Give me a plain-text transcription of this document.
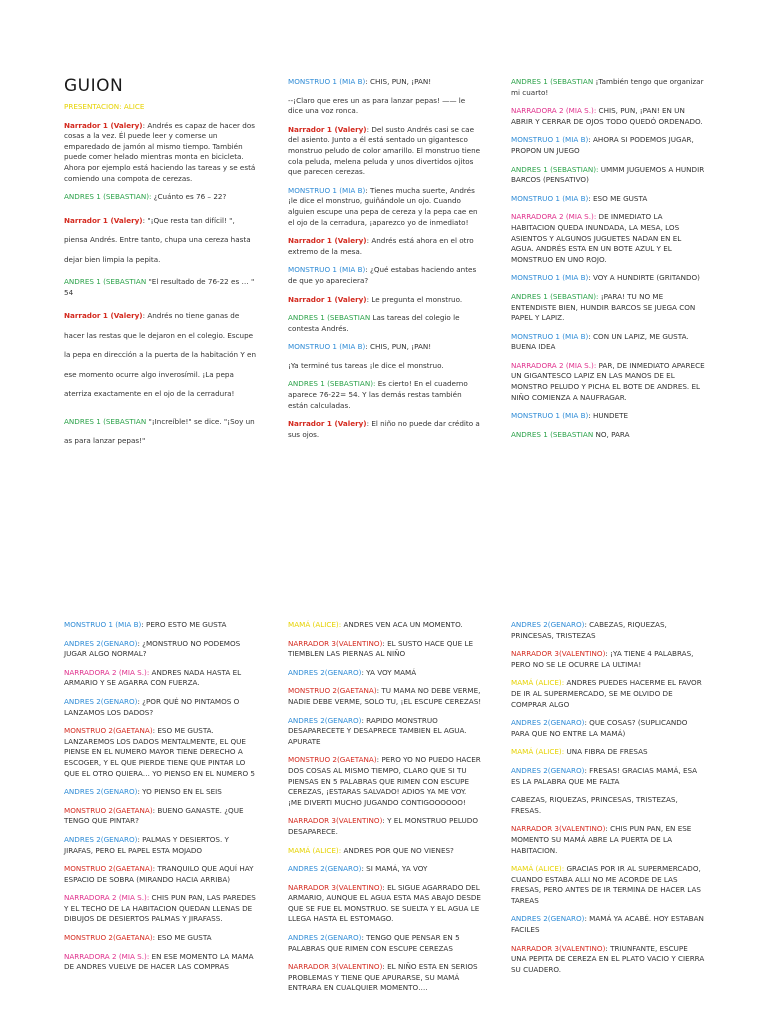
GUION

PRESENTACION: ALICE

Narrador 1 (Valery): Andrés es capaz de hacer dos cosas a la vez. Él puede leer y comerse un emparedado de jamón al mismo tiempo. También puede comer helado mientras monta en bicicleta. Ahora por ejemplo está haciendo las tareas y se está comiendo una compota de cerezas.

ANDRES 1 (SEBASTIAN): ¿Cuánto es 76 – 22?

Narrador 1 (Valery): "¡Que resta tan difícil! ", piensa Andrés. Entre tanto, chupa una cereza hasta dejar bien limpia la pepita.

ANDRES 1 (SEBASTIAN "El resultado de 76-22 es … " 54

Narrador 1 (Valery): Andrés no tiene ganas de hacer las restas que le dejaron en el colegio. Escupe la pepa en dirección a la puerta de la habitación Y en ese momento ocurre algo inverosímil. ¡La pepa aterriza exactamente en el ojo de la cerradura!

ANDRES 1 (SEBASTIAN "¡Increíble!" se dice. "¡Soy un as para lanzar pepas!"

MONSTRUO 1 (MIA B): CHIS, PUN, ¡PAN!

--¡Claro que eres un as para lanzar pepas! —— le dice una voz ronca.

Narrador 1 (Valery): Del susto Andrés casi se cae del asiento. Junto a él está sentado un gigantesco monstruo peludo de color amarillo. El monstruo tiene cola peluda, melena peluda y unos divertidos ojitos que parecen cerezas.

MONSTRUO 1 (MIA B): Tienes mucha suerte, Andrés ¡le dice el monstruo, guiñándole un ojo. Cuando alguien escupe una pepa de cereza y la pepa cae en el ojo de la cerradura, ¡aparezco yo de inmediato!

Narrador 1 (Valery): Andrés está ahora en el otro extremo de la mesa.

MONSTRUO 1 (MIA B): ¿Qué estabas haciendo antes de que yo apareciera?

Narrador 1 (Valery): Le pregunta el monstruo.

ANDRES 1 (SEBASTIAN Las tareas del colegio le contesta Andrés.

MONSTRUO 1 (MIA B): CHIS, PUN, ¡PAN!

¡Ya terminé tus tareas ¡le dice el monstruo.

ANDRES 1 (SEBASTIAN): Es cierto! En el cuaderno aparece 76-22= 54. Y las demás restas también están calculadas.

Narrador 1 (Valery): El niño no puede dar crédito a sus ojos.

ANDRES 1 (SEBASTIAN ¡También tengo que organizar mi cuarto!

NARRADORA 2 (MIA S.): CHIS, PUN, ¡PAN! EN UN ABRIR Y CERRAR DE OJOS TODO QUEDÓ ORDENADO.

MONSTRUO 1 (MIA B): AHORA SI PODEMOS JUGAR, PROPON UN JUEGO

ANDRES 1 (SEBASTIAN): UMMM JUGUEMOS A HUNDIR BARCOS (PENSATIVO)

MONSTRUO 1 (MIA B): ESO ME GUSTA

NARRADORA 2 (MIA S.): DE INMEDIATO LA HABITACION QUEDA INUNDADA, LA MESA, LOS ASIENTOS Y ALGUNOS JUGUETES NADAN EN EL AGUA. ANDRÉS ESTA EN UN BOTE AZUL Y EL MONSTRUO EN UNO ROJO.

MONSTRUO 1 (MIA B): VOY A HUNDIRTE (GRITANDO)

ANDRES 1 (SEBASTIAN): ¡PARA! TU NO ME ENTENDISTE BIEN, HUNDIR BARCOS SE JUEGA CON PAPEL Y LAPIZ.

MONSTRUO 1 (MIA B): CON UN LAPIZ, ME GUSTA. BUENA IDEA

NARRADORA 2 (MIA S.): PAR, DE INMEDIATO APARECE UN GIGANTESCO LAPIZ EN LAS MANOS DE EL MONSTRO PELUDO Y PICHA EL BOTE DE ANDRES. EL NIÑO COMIENZA A NAUFRAGAR.

MONSTRUO 1 (MIA B): HUNDETE

ANDRES 1 (SEBASTIAN NO, PARA

MONSTRUO 1 (MIA B): PERO ESTO ME GUSTA

ANDRES 2(GENARO): ¿MONSTRUO NO PODEMOS JUGAR ALGO NORMAL?

NARRADORA 2 (MIA S.): ANDRES NADA HASTA EL ARMARIO Y SE AGARRA CON FUERZA.

ANDRES 2(GENARO): ¿POR QUÉ NO PINTAMOS O LANZAMOS LOS DADOS?

MONSTRUO 2(GAETANA): ESO ME GUSTA. LANZAREMOS LOS DADOS MENTALMENTE, EL QUE PIENSE EN EL NUMERO MAYOR TIENE DERECHO A ESCOGER, Y EL QUE PIERDE TIENE QUE PINTAR LO QUE EL OTRO QUIERA… YO PIENSO EN EL NUMERO 5

ANDRES 2(GENARO): YO PIENSO EN EL SEIS

MONSTRUO 2(GAETANA): BUENO GANASTE. ¿QUE TENGO QUE PINTAR?

ANDRES 2(GENARO): PALMAS Y DESIERTOS. Y JIRAFAS, PERO EL PAPEL ESTA MOJADO

MONSTRUO 2(GAETANA): TRANQUILO QUE AQUÍ HAY ESPACIO DE SOBRA (MIRANDO HACIA ARRIBA)

NARRADORA 2 (MIA S.): CHIS PUN PAN, LAS PAREDES Y EL TECHO DE LA HABITACION QUEDAN LLENAS DE DIBUJOS DE DESIERTOS PALMAS Y JIRAFASS.

MONSTRUO 2(GAETANA): ESO ME GUSTA

NARRADORA 2 (MIA S.): EN ESE MOMENTO LA MAMA DE ANDRES VUELVE DE HACER LAS COMPRAS

MAMÁ (ALICE): ANDRES VEN ACA UN MOMENTO.

NARRADOR 3(VALENTINO): EL SUSTO HACE QUE LE TIEMBLEN LAS PIERNAS AL NIÑO

ANDRES 2(GENARO): YA VOY MAMÁ

MONSTRUO 2(GAETANA): TU MAMA NO DEBE VERME, NADIE DEBE VERME, SOLO TU, ¡EL ESCUPE CEREZAS!

ANDRES 2(GENARO): RAPIDO MONSTRUO DESAPARECETE Y DESAPRECE TAMBIEN EL AGUA. APURATE

MONSTRUO 2(GAETANA): PERO YO NO PUEDO HACER DOS COSAS AL MISMO TIEMPO, CLARO QUE SI TU PIENSAS EN 5 PALABRAS QUE RIMEN CON ESCUPE CEREZAS, ¡ESTARAS SALVADO! ADIOS YA ME VOY. ¡ME DIVERTI MUCHO JUGANDO CONTIGOOOOOO!

NARRADOR 3(VALENTINO): Y EL MONSTRUO PELUDO DESAPARECE.

MAMÁ (ALICE): ANDRES POR QUE NO VIENES?

ANDRES 2(GENARO): SI MAMÁ, YA VOY

NARRADOR 3(VALENTINO): EL SIGUE AGARRADO DEL ARMARIO, AUNQUE EL AGUA ESTA MAS ABAJO DESDE QUE SE FUE EL MONSTRUO. SE SUELTA Y EL AGUA LE LLEGA HASTA EL ESTOMAGO.

ANDRES 2(GENARO): TENGO QUE PENSAR EN 5 PALABRAS QUE RIMEN CON ESCUPE CEREZAS

NARRADOR 3(VALENTINO): EL NIÑO ESTA EN SERIOS PROBLEMAS Y TIENE QUE APURARSE, SU MAMÁ ENTRARA EN CUALQUIER MOMENTO….

ANDRES 2(GENARO): CABEZAS, RIQUEZAS, PRINCESAS, TRISTEZAS

NARRADOR 3(VALENTINO): ¡YA TIENE 4 PALABRAS, PERO NO SE LE OCURRE LA ULTIMA!

MAMÁ (ALICE): ANDRES PUEDES HACERME EL FAVOR DE IR AL SUPERMERCADO, SE ME OLVIDO DE COMPRAR ALGO

ANDRES 2(GENARO): QUE COSAS? (SUPLICANDO PARA QUE NO ENTRE LA MAMÁ)

MAMÁ (ALICE): UNA FIBRA DE FRESAS

ANDRES 2(GENARO): FRESAS! GRACIAS MAMÁ, ESA ES LA PALABRA QUE ME FALTA

CABEZAS, RIQUEZAS, PRINCESAS, TRISTEZAS, FRESAS.

NARRADOR 3(VALENTINO): CHIS PUN PAN, EN ESE MOMENTO SU MAMÁ ABRE LA PUERTA DE LA HABITACION.

MAMÁ (ALICE): GRACIAS POR IR AL SUPERMERCADO, CUANDO ESTABA ALLI NO ME ACORDE DE LAS FRESAS, PERO ANTES DE IR TERMINA DE HACER LAS TAREAS

ANDRES 2(GENARO): MAMÁ YA ACABÉ. HOY ESTABAN FACILES

NARRADOR 3(VALENTINO): TRIUNFANTE, ESCUPE UNA PEPITA DE CEREZA EN EL PLATO VACIO Y CIERRA SU CUADERO.
